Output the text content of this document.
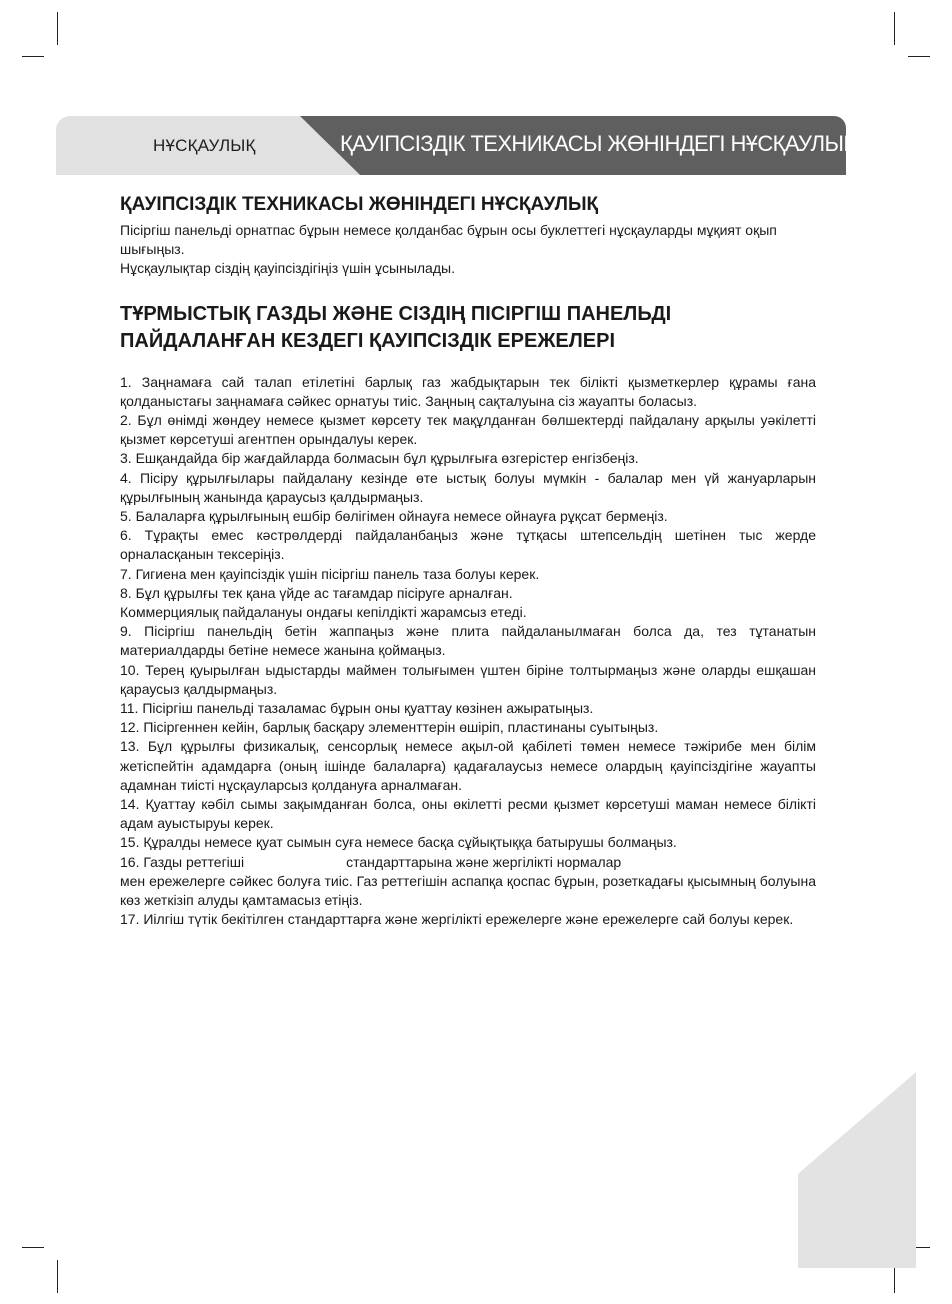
НҰСҚАУЛЫҚ	ҚАУІПСІЗДІК ТЕХНИКАСЫ ЖӨНІНДЕГІ НҰСҚАУЛЫҚ
ҚАУІПСІЗДІК ТЕХНИКАСЫ ЖӨНІНДЕГІ НҰСҚАУЛЫҚ

Пісіргіш панельді орнатпас бұрын немесе қолданбас бұрын осы буклеттегі нұсқауларды мұқият оқып шығыңыз.

Нұсқаулықтар сіздің қауіпсіздігіңіз үшін ұсынылады.

ТҰРМЫСТЫҚ ГАЗДЫ ЖӘНЕ СІЗДІҢ ПІСІРГІШ ПАНЕЛЬДІ
ПАЙДАЛАНҒАН КЕЗДЕГІ ҚАУІПСІЗДІК ЕРЕЖЕЛЕРІ

1. Заңнамаға сай талап етілетіні барлық газ жабдықтарын тек білікті қызметкерлер құрамы ғана қолданыстағы заңнамаға сәйкес орнатуы тиіс. Заңның сақталуына сіз жауапты боласыз.

2. Бұл өнімді жөндеу немесе қызмет көрсету тек мақұлданған бөлшектерді пайдалану арқылы уәкілетті қызмет көрсетуші агентпен орындалуы керек.

3. Ешқандайда бір жағдайларда болмасын бұл құрылғыға өзгерістер енгізбеңіз.

4. Пісіру құрылғылары пайдалану кезінде өте ыстық болуы мүмкін - балалар мен үй жануарларын құрылғының жанында қараусыз қалдырмаңыз.

5. Балаларға құрылғының ешбір бөлігімен ойнауға немесе ойнауға рұқсат бермеңіз.

6. Тұрақты емес кәстрөлдерді пайдаланбаңыз және тұтқасы штепсельдің шетінен тыс жерде орналасқанын тексеріңіз.

7. Гигиена мен қауіпсіздік үшін пісіргіш панель таза болуы керек.

8. Бұл құрылғы тек қана үйде ас тағамдар пісіруге арналған.

Коммерциялық пайдалануы ондағы кепілдікті жарамсыз етеді.

9. Пісіргіш панельдің бетін жаппаңыз және плита пайдаланылмаған болса да, тез тұтанатын материалдарды бетіне немесе жанына қоймаңыз.

10. Терең қуырылған ыдыстарды маймен толығымен үштен біріне толтырмаңыз және оларды ешқашан қараусыз қалдырмаңыз.

11. Пісіргіш панельді тазаламас бұрын оны қуаттау көзінен ажыратыңыз.

12. Пісіргеннен кейін, барлық басқару элементтерін өшіріп, пластинаны суытыңыз.

13. Бұл құрылғы физикалық, сенсорлық немесе ақыл-ой қабілеті төмен немесе тәжірибе мен білім жетіспейтін адамдарға (оның ішінде балаларға) қадағалаусыз немесе олардың қауіпсіздігіне жауапты адамнан тиісті нұсқауларсыз қолдануға арналмаған.

14. Қуаттау кәбіл сымы зақымданған болса, оны өкілетті ресми қызмет көрсетуші маман немесе білікті адам ауыстыруы керек.

15. Құралды немесе қуат сымын суға немесе басқа сұйықтыққа батырушы болмаңыз.

16. Газды реттегіші	стандарттарына және жергілікті нормалар
мен ережелерге сәйкес болуға тиіс. Газ реттегішін аспапқа қоспас бұрын, розеткадағы қысымның болуына көз жеткізіп алуды қамтамасыз етіңіз.

17. Иілгіш түтік бекітілген стандарттарға және жергілікті ережелерге және ережелерге сай болуы керек.
